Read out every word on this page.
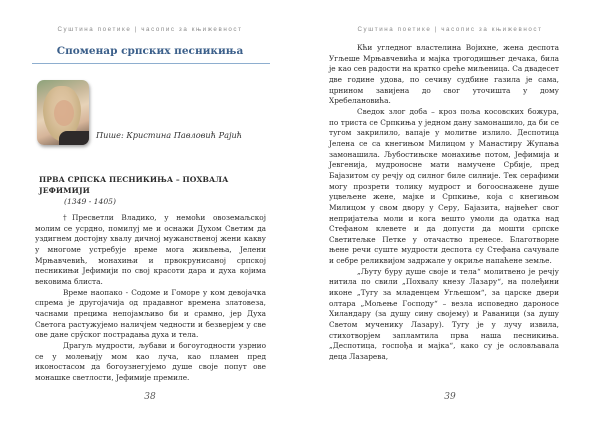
Суштина поетике | часопис за књижевност
Споменар српских песникиња
Пише: Кристина Павловић Рајић
ПРВА СРПСКА ПЕСНИКИЊА – ПОХВАЛА ЈЕФИМИЈИ
(1349 - 1405)

†Пресветли Владико, у немоћи овоземаљској молим се усрдно, помилуј ме и оснажи Духом Светим да уздигнем достојну хвалу дичној мужанственој жени какву у многоме устребује време мога живљења, Јелени Мрњавчевић, монахињи и првокрунисаној српској песникињи Јефимији по свој красоти дара и духа којима вековима блиста.

Време наопако - Содоме и Гоморе у ком девојачка спрема је другојачија од прадавног времена златовеза, часнами прецима непојамљиво би и срамно, јер Духа Светога растужујемо наличјем чедности и безверјем у све ове дане срӯског пострадања духа и тела.

Драгуљ мудрости, љубави и богоугодности узрнио се у молењију мом као луча, као пламен пред иконостасом да богоузнегујемо душе своје попут ове монашке светлости, Јефимије премиле.

38
Суштина поетике | часопис за књижевност

Кћи угледног властелина Војихне, жена деспота Угљеше Мрњавчевића и мајка трогодишњег дечака, била је као сев радости на кратко среће миљеница. Са двадесет две године удова, по сечиву судбине газила је сама, црнином завијена до свог уточишта у дому Хребелановића.

Сведок злог доба – кроз поља косовских божура, по триста се Српкиња у једном дану замонашило, да би се тугом закрилило, вапаје у молитве излило. Деспотица Јелена се са кнегињом Милицом у Манастиру Жупања замонашила. Љубостињске монахиње потом, Јефимија и Јевгенија, мудроносне мати намучене Србије, пред Бајазитом су речју од силног биле силније. Тек серафими могу прозрети толику мудрост и богооснажене душе уцвељене жене, мајке и Српкиње, која с кнегињом Милицом у свом двору у Серу, Бајазита, највећег свог непријатеља моли и кога вешто умоли да одатка над Стефаном клевете и да допусти да мошти српске Светитељке Петке у отачаство пренесе. Благотворне њене речи суште мудрости деспота су Стефана сачувале и себре реликвијом задржале у окриље напаћене земље.

„Љуту буру душе своје и тела“ молитвено је речју нитила по свили „Похвалу кнезу Лазару“, на полеђини иконе „Тугу за младенцем Угљешом“, за царске двери олтара „Мољење Господу“ – везла исповедно дароносе Хиландару (за душу сину својему) и Раваници (за душу Светом мученику Лазару). Тугу је у лучу извила, стихотворјем запламтила прва наша песникиња. „Деспотица, госпођа и мајка“, како су је ословљавала деца Лазарева,

39
